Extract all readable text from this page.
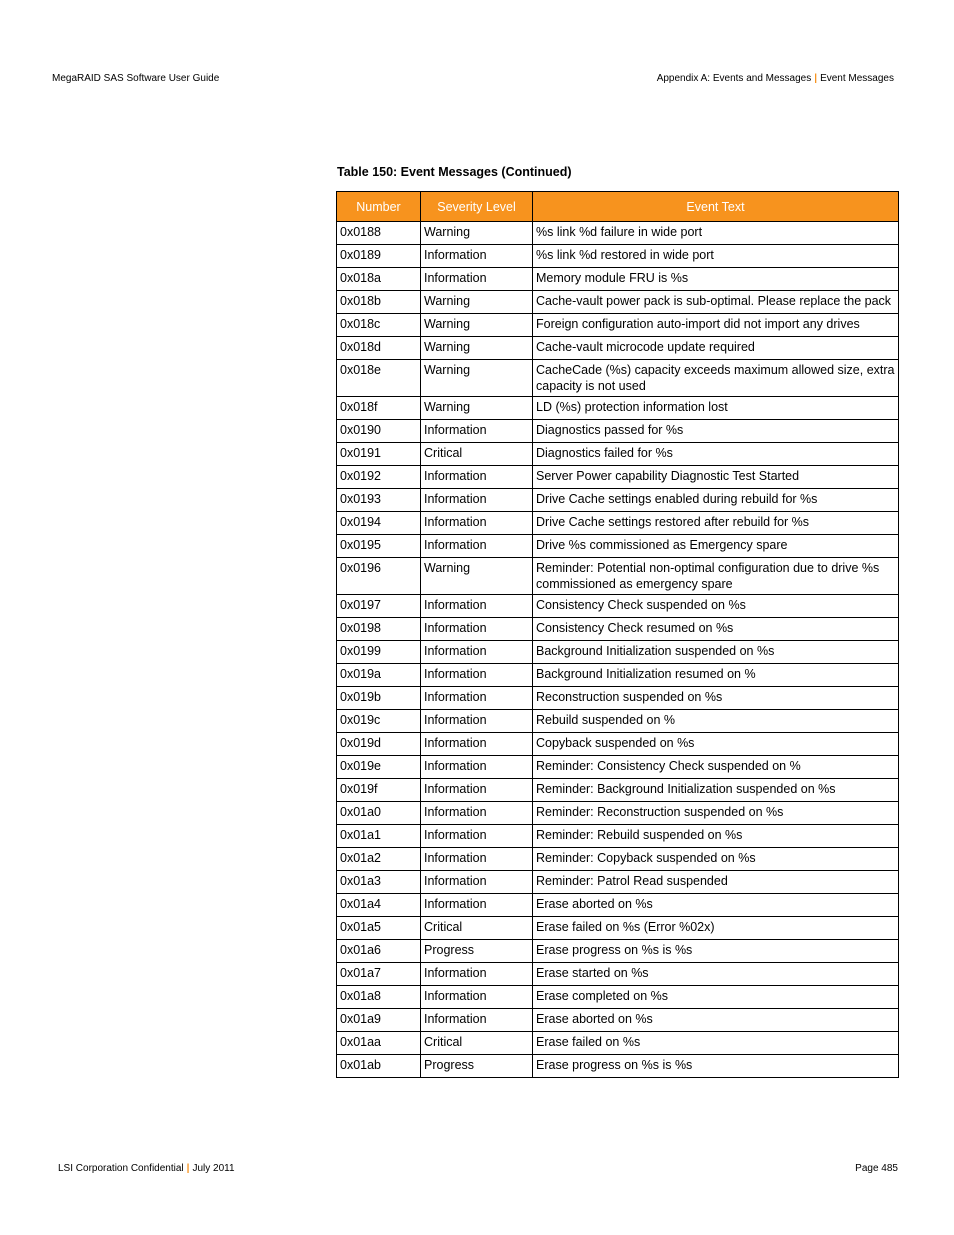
MegaRAID SAS Software User Guide	Appendix A: Events and Messages | Event Messages
Table 150: Event Messages (Continued)
Number	Severity Level	Event Text
0x0188	Warning	%s link %d failure in wide port
0x0189	Information	%s link %d restored in wide port
0x018a	Information	Memory module FRU is %s
0x018b	Warning	Cache-vault power pack is sub-optimal. Please replace the pack
0x018c	Warning	Foreign configuration auto-import did not import any drives
0x018d	Warning	Cache-vault microcode update required
0x018e	Warning	CacheCade (%s) capacity exceeds maximum allowed size, extra capacity is not used
0x018f	Warning	LD (%s) protection information lost
0x0190	Information	Diagnostics passed for %s
0x0191	Critical	Diagnostics failed for %s
0x0192	Information	Server Power capability Diagnostic Test Started
0x0193	Information	Drive Cache settings enabled during rebuild for %s
0x0194	Information	Drive Cache settings restored after rebuild for %s
0x0195	Information	Drive %s commissioned as Emergency spare
0x0196	Warning	Reminder: Potential non-optimal configuration due to drive %s commissioned as emergency spare
0x0197	Information	Consistency Check suspended on %s
0x0198	Information	Consistency Check resumed on %s
0x0199	Information	Background Initialization suspended on %s
0x019a	Information	Background Initialization resumed on %
0x019b	Information	Reconstruction suspended on %s
0x019c	Information	Rebuild suspended on %
0x019d	Information	Copyback suspended on %s
0x019e	Information	Reminder: Consistency Check suspended on %
0x019f	Information	Reminder: Background Initialization suspended on %s
0x01a0	Information	Reminder: Reconstruction suspended on %s
0x01a1	Information	Reminder: Rebuild suspended on %s
0x01a2	Information	Reminder: Copyback suspended on %s
0x01a3	Information	Reminder: Patrol Read suspended
0x01a4	Information	Erase aborted on %s
0x01a5	Critical	Erase failed on %s (Error %02x)
0x01a6	Progress	Erase progress on %s is %s
0x01a7	Information	Erase started on %s
0x01a8	Information	Erase completed on %s
0x01a9	Information	Erase aborted on %s
0x01aa	Critical	Erase failed on %s
0x01ab	Progress	Erase progress on %s is %s
LSI Corporation Confidential | July 2011	Page 485
